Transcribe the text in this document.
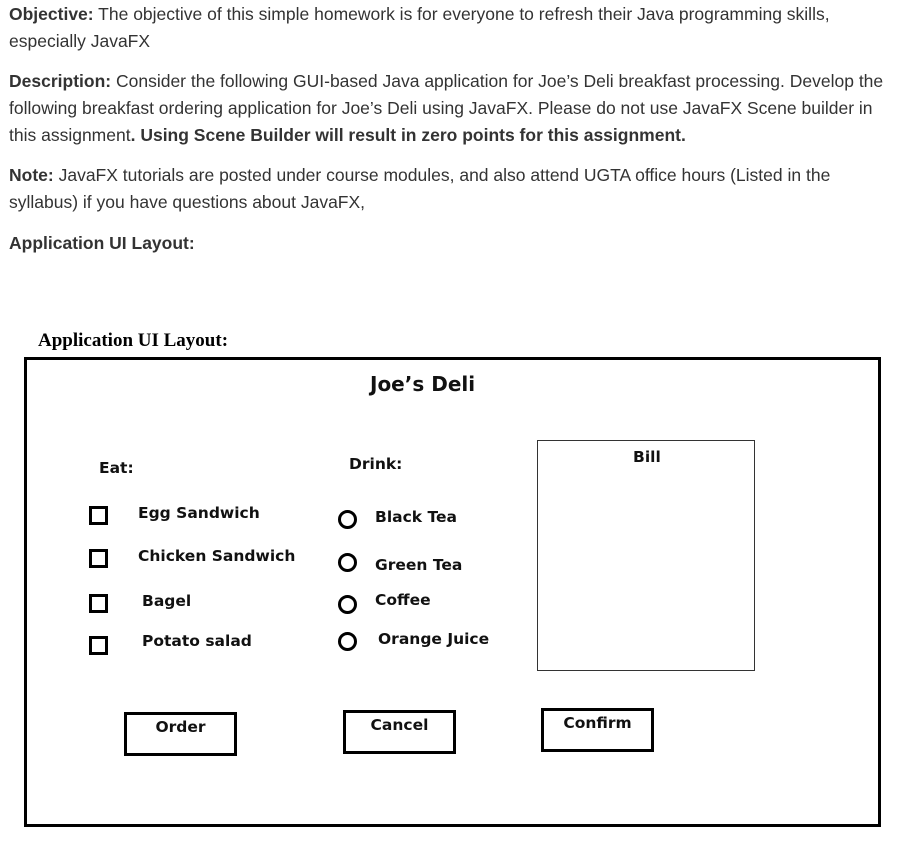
Objective: The objective of this simple homework is for everyone to refresh their Java programming skills, especially JavaFX

Description: Consider the following GUI-based Java application for Joe’s Deli breakfast processing. Develop the following breakfast ordering application for Joe’s Deli using JavaFX. Please do not use JavaFX Scene builder in this assignment. Using Scene Builder will result in zero points for this assignment.

Note: JavaFX tutorials are posted under course modules, and also attend UGTA office hours (Listed in the syllabus) if you have questions about JavaFX,

Application UI Layout:

Application UI Layout:
Joe’s Deli
Eat:
Egg Sandwich
Chicken Sandwich
Bagel
Potato salad
Drink:
Black Tea
Green Tea
Coffee
Orange Juice
Bill
Order	Cancel	Confirm
